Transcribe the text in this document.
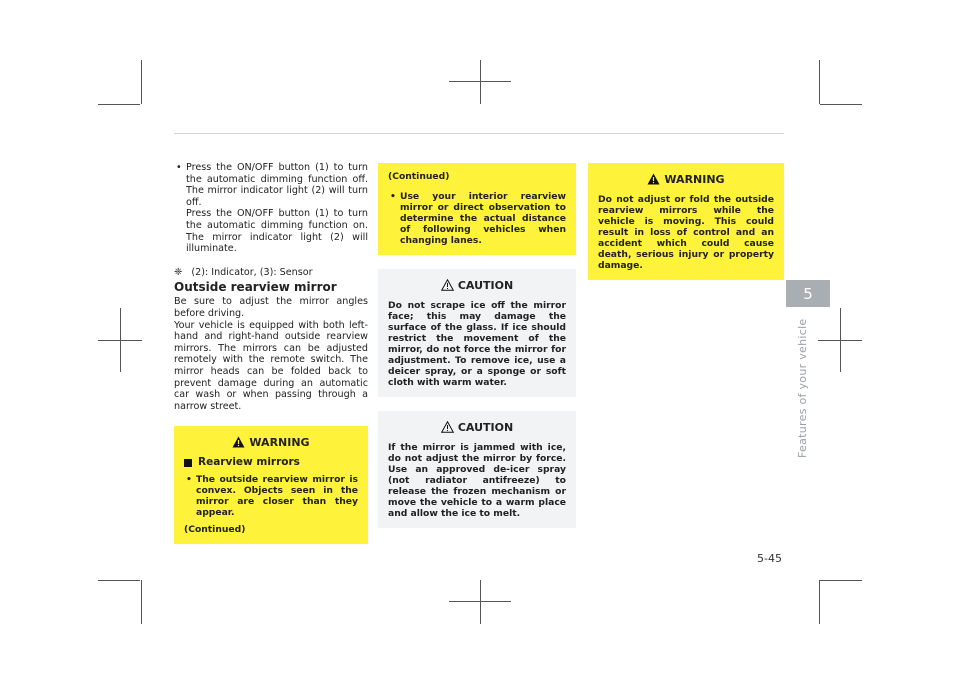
• Press the ON/OFF button (1) to turn the automatic dimming function off. The mirror indicator light (2) will turn off.
Press the ON/OFF button (1) to turn the automatic dimming function on. The mirror indicator light (2) will illuminate.
❈ (2): Indicator, (3): Sensor
Outside rearview mirror

Be sure to adjust the mirror angles before driving.

Your vehicle is equipped with both left-hand and right-hand outside rearview mirrors. The mirrors can be adjusted remotely with the remote switch. The mirror heads can be folded back to prevent damage during an automatic car wash or when passing through a narrow street.

WARNING
Rearview mirrors
• The outside rearview mirror is convex. Objects seen in the mirror are closer than they appear.
(Continued)
(Continued)
• Use your interior rearview mirror or direct observation to determine the actual distance of following vehicles when changing lanes.
CAUTION

Do not scrape ice off the mirror face; this may damage the surface of the glass. If ice should restrict the movement of the mirror, do not force the mirror for adjustment. To remove ice, use a deicer spray, or a sponge or soft cloth with warm water.

CAUTION

If the mirror is jammed with ice, do not adjust the mirror by force. Use an approved de-icer spray (not radiator antifreeze) to release the frozen mechanism or move the vehicle to a warm place and allow the ice to melt.

WARNING

Do not adjust or fold the outside rearview mirrors while the vehicle is moving. This could result in loss of control and an accident which could cause death, serious injury or property damage.

5
Features of your vehicle
5-45
